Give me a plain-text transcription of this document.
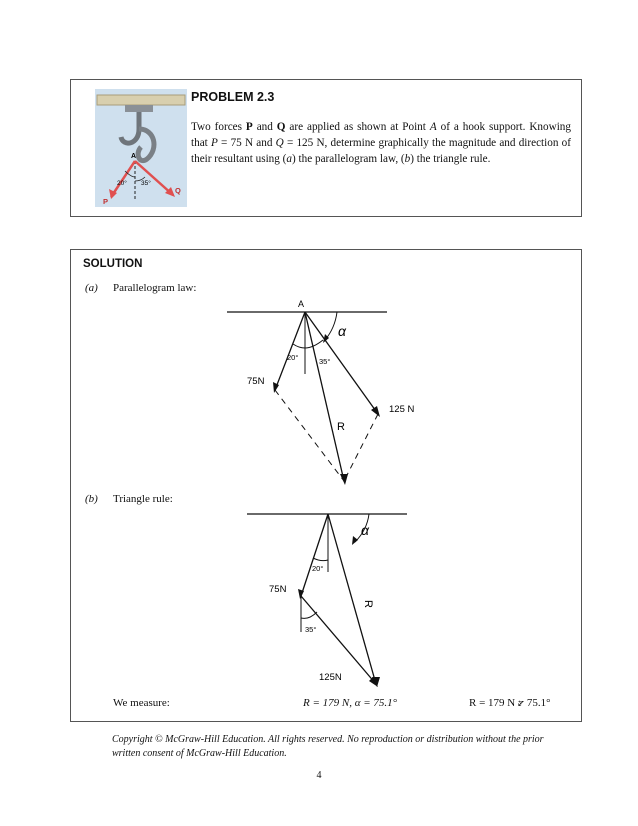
A
20° 35°
P
Q
PROBLEM 2.3
Two forces P and Q are applied as shown at Point A of a hook support. Knowing that P = 75 N and Q = 125 N, determine graphically the magnitude and direction of their resultant using (a) the parallelogram law, (b) the triangle rule.
SOLUTION
(a) Parallelogram law:
A
α
20°	35°
75N
125 N
R
(b) Triangle rule:
α
20°
35°
75N
125N
R
We measure:	R = 179 N, α = 75.1°	R = 179 N ⦫ 75.1°
Copyright © McGraw-Hill Education. All rights reserved. No reproduction or distribution without the prior written consent of McGraw-Hill Education.
4
